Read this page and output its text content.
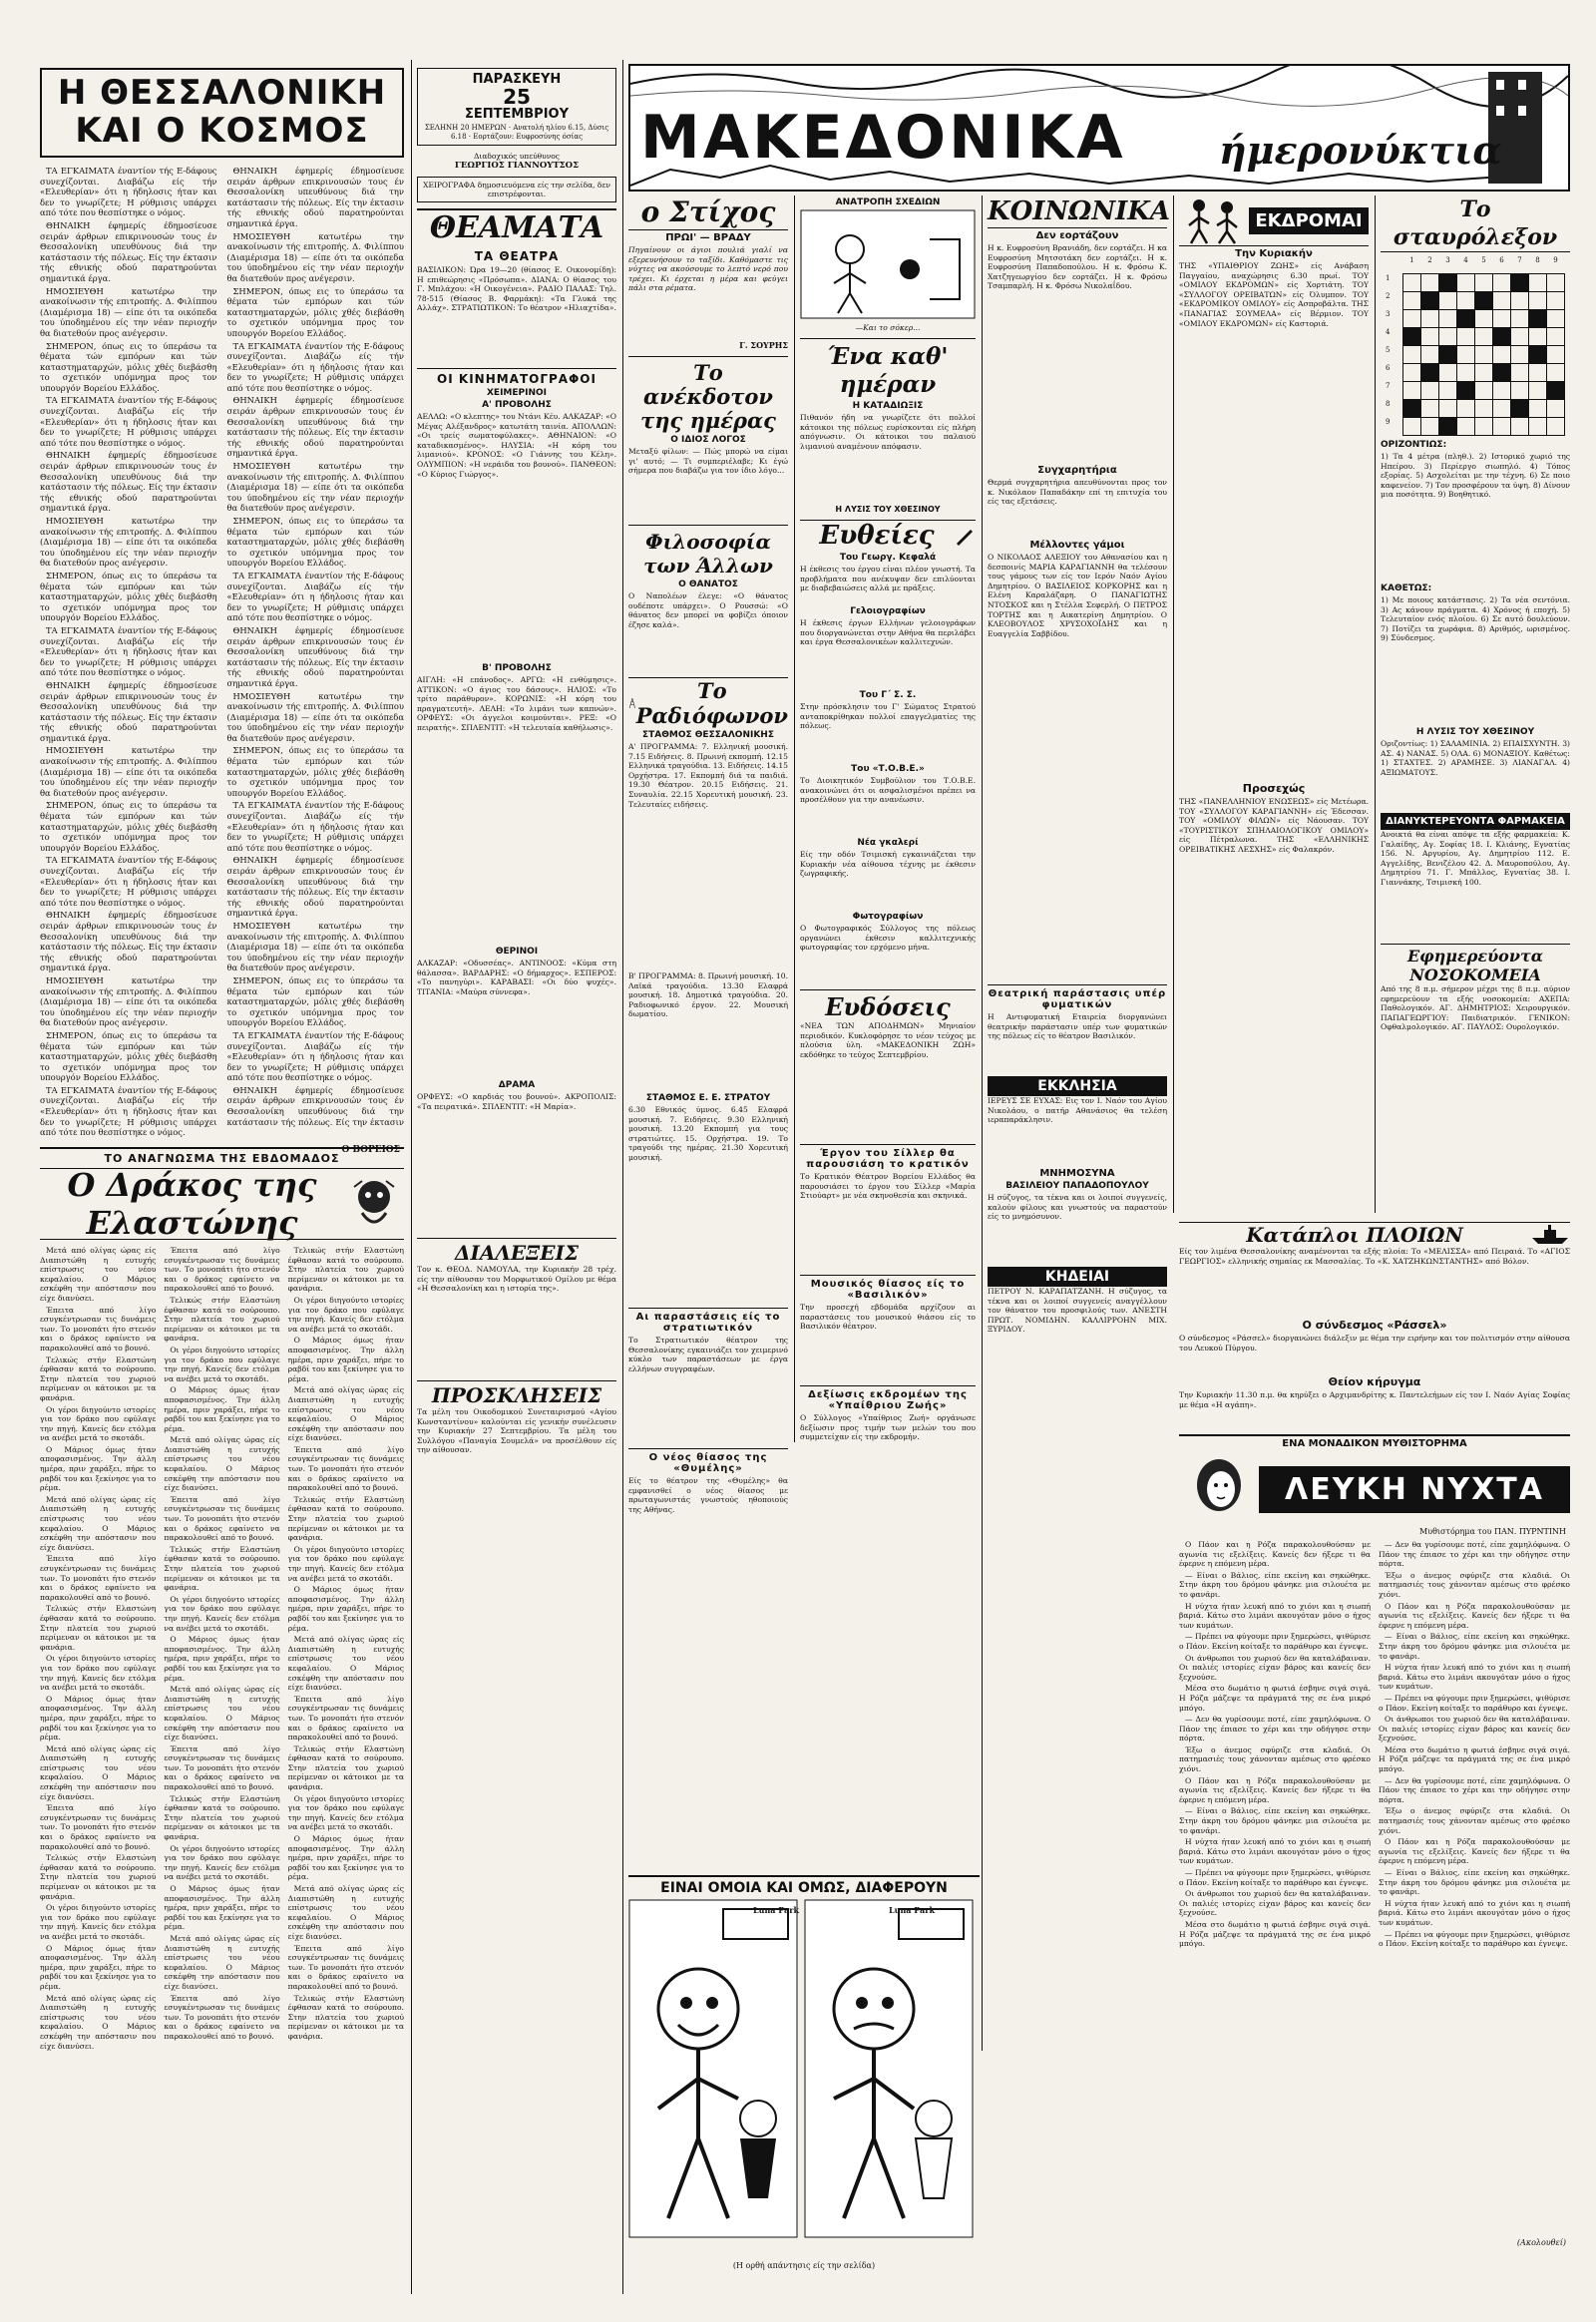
Η ΘΕΣΣΑΛΟΝΙΚΗ
ΚΑΙ Ο ΚΟΣΜΟΣ

ΤΑ ΕΓΚΑΙΜΑΤΑ έναντίον τής Ε-δάφους συνεχίζονται. Διαβάζω είς τήν «Ελευθερίαν» ότι η ήδηλοσις ήταν και δεν το γνωρίζετε; Η ρύθμισις υπάρχει από τότε που θεσπίστηκε ο νόμος.

ΘΗΝΑΙΚΗ έφημερίς έδημοσίευσε σειράν άρθρων επικρινουσών τους έν Θεσσαλονίκη υπευθύνους διά την κατάστασιν τής πόλεως. Είς την έκτασιν τής εθνικής οδού παρατηρούνται σημαντικά έργα.

ΗΜΟΣΙΕΥΘΗ κατωτέρω την ανακοίνωσιν τής επιτροπής. Δ. Φιλίππου (Διαμέρισμα 18) — είπε ότι τα οικόπεδα του ύποδημένου είς την νέαν περιοχήν θα διατεθούν προς ανέγερσιν.

ΣΗΜΕΡΟΝ, όπως εις το ύπεράσω τα θέματα τών εμπόρων και τών καταστηματαρχών, μόλις χθές διεβάσθη το σχετικόν υπόμνημα προς τον υπουργόν Βορείου Ελλάδος.

ΤΑ ΕΓΚΑΙΜΑΤΑ έναντίον τής Ε-δάφους συνεχίζονται. Διαβάζω είς τήν «Ελευθερίαν» ότι η ήδηλοσις ήταν και δεν το γνωρίζετε; Η ρύθμισις υπάρχει από τότε που θεσπίστηκε ο νόμος.

ΘΗΝΑΙΚΗ έφημερίς έδημοσίευσε σειράν άρθρων επικρινουσών τους έν Θεσσαλονίκη υπευθύνους διά την κατάστασιν τής πόλεως. Είς την έκτασιν τής εθνικής οδού παρατηρούνται σημαντικά έργα.

ΗΜΟΣΙΕΥΘΗ κατωτέρω την ανακοίνωσιν τής επιτροπής. Δ. Φιλίππου (Διαμέρισμα 18) — είπε ότι τα οικόπεδα του ύποδημένου είς την νέαν περιοχήν θα διατεθούν προς ανέγερσιν.

ΣΗΜΕΡΟΝ, όπως εις το ύπεράσω τα θέματα τών εμπόρων και τών καταστηματαρχών, μόλις χθές διεβάσθη το σχετικόν υπόμνημα προς τον υπουργόν Βορείου Ελλάδος.

ΤΑ ΕΓΚΑΙΜΑΤΑ έναντίον τής Ε-δάφους συνεχίζονται. Διαβάζω είς τήν «Ελευθερίαν» ότι η ήδηλοσις ήταν και δεν το γνωρίζετε; Η ρύθμισις υπάρχει από τότε που θεσπίστηκε ο νόμος.

ΘΗΝΑΙΚΗ έφημερίς έδημοσίευσε σειράν άρθρων επικρινουσών τους έν Θεσσαλονίκη υπευθύνους διά την κατάστασιν τής πόλεως. Είς την έκτασιν τής εθνικής οδού παρατηρούνται σημαντικά έργα.

ΗΜΟΣΙΕΥΘΗ κατωτέρω την ανακοίνωσιν τής επιτροπής. Δ. Φιλίππου (Διαμέρισμα 18) — είπε ότι τα οικόπεδα του ύποδημένου είς την νέαν περιοχήν θα διατεθούν προς ανέγερσιν.

ΣΗΜΕΡΟΝ, όπως εις το ύπεράσω τα θέματα τών εμπόρων και τών καταστηματαρχών, μόλις χθές διεβάσθη το σχετικόν υπόμνημα προς τον υπουργόν Βορείου Ελλάδος.

ΤΑ ΕΓΚΑΙΜΑΤΑ έναντίον τής Ε-δάφους συνεχίζονται. Διαβάζω είς τήν «Ελευθερίαν» ότι η ήδηλοσις ήταν και δεν το γνωρίζετε; Η ρύθμισις υπάρχει από τότε που θεσπίστηκε ο νόμος.

ΘΗΝΑΙΚΗ έφημερίς έδημοσίευσε σειράν άρθρων επικρινουσών τους έν Θεσσαλονίκη υπευθύνους διά την κατάστασιν τής πόλεως. Είς την έκτασιν τής εθνικής οδού παρατηρούνται σημαντικά έργα.

ΗΜΟΣΙΕΥΘΗ κατωτέρω την ανακοίνωσιν τής επιτροπής. Δ. Φιλίππου (Διαμέρισμα 18) — είπε ότι τα οικόπεδα του ύποδημένου είς την νέαν περιοχήν θα διατεθούν προς ανέγερσιν.

ΣΗΜΕΡΟΝ, όπως εις το ύπεράσω τα θέματα τών εμπόρων και τών καταστηματαρχών, μόλις χθές διεβάσθη το σχετικόν υπόμνημα προς τον υπουργόν Βορείου Ελλάδος.

ΤΑ ΕΓΚΑΙΜΑΤΑ έναντίον τής Ε-δάφους συνεχίζονται. Διαβάζω είς τήν «Ελευθερίαν» ότι η ήδηλοσις ήταν και δεν το γνωρίζετε; Η ρύθμισις υπάρχει από τότε που θεσπίστηκε ο νόμος.

ΘΗΝΑΙΚΗ έφημερίς έδημοσίευσε σειράν άρθρων επικρινουσών τους έν Θεσσαλονίκη υπευθύνους διά την κατάστασιν τής πόλεως. Είς την έκτασιν τής εθνικής οδού παρατηρούνται σημαντικά έργα.

ΗΜΟΣΙΕΥΘΗ κατωτέρω την ανακοίνωσιν τής επιτροπής. Δ. Φιλίππου (Διαμέρισμα 18) — είπε ότι τα οικόπεδα του ύποδημένου είς την νέαν περιοχήν θα διατεθούν προς ανέγερσιν.

ΣΗΜΕΡΟΝ, όπως εις το ύπεράσω τα θέματα τών εμπόρων και τών καταστηματαρχών, μόλις χθές διεβάσθη το σχετικόν υπόμνημα προς τον υπουργόν Βορείου Ελλάδος.

ΤΑ ΕΓΚΑΙΜΑΤΑ έναντίον τής Ε-δάφους συνεχίζονται. Διαβάζω είς τήν «Ελευθερίαν» ότι η ήδηλοσις ήταν και δεν το γνωρίζετε; Η ρύθμισις υπάρχει από τότε που θεσπίστηκε ο νόμος.

ΘΗΝΑΙΚΗ έφημερίς έδημοσίευσε σειράν άρθρων επικρινουσών τους έν Θεσσαλονίκη υπευθύνους διά την κατάστασιν τής πόλεως. Είς την έκτασιν τής εθνικής οδού παρατηρούνται σημαντικά έργα.

ΗΜΟΣΙΕΥΘΗ κατωτέρω την ανακοίνωσιν τής επιτροπής. Δ. Φιλίππου (Διαμέρισμα 18) — είπε ότι τα οικόπεδα του ύποδημένου είς την νέαν περιοχήν θα διατεθούν προς ανέγερσιν.

ΣΗΜΕΡΟΝ, όπως εις το ύπεράσω τα θέματα τών εμπόρων και τών καταστηματαρχών, μόλις χθές διεβάσθη το σχετικόν υπόμνημα προς τον υπουργόν Βορείου Ελλάδος.

ΤΑ ΕΓΚΑΙΜΑΤΑ έναντίον τής Ε-δάφους συνεχίζονται. Διαβάζω είς τήν «Ελευθερίαν» ότι η ήδηλοσις ήταν και δεν το γνωρίζετε; Η ρύθμισις υπάρχει από τότε που θεσπίστηκε ο νόμος.

ΘΗΝΑΙΚΗ έφημερίς έδημοσίευσε σειράν άρθρων επικρινουσών τους έν Θεσσαλονίκη υπευθύνους διά την κατάστασιν τής πόλεως. Είς την έκτασιν τής εθνικής οδού παρατηρούνται σημαντικά έργα.

ΗΜΟΣΙΕΥΘΗ κατωτέρω την ανακοίνωσιν τής επιτροπής. Δ. Φιλίππου (Διαμέρισμα 18) — είπε ότι τα οικόπεδα του ύποδημένου είς την νέαν περιοχήν θα διατεθούν προς ανέγερσιν.

ΣΗΜΕΡΟΝ, όπως εις το ύπεράσω τα θέματα τών εμπόρων και τών καταστηματαρχών, μόλις χθές διεβάσθη το σχετικόν υπόμνημα προς τον υπουργόν Βορείου Ελλάδος.

ΤΑ ΕΓΚΑΙΜΑΤΑ έναντίον τής Ε-δάφους συνεχίζονται. Διαβάζω είς τήν «Ελευθερίαν» ότι η ήδηλοσις ήταν και δεν το γνωρίζετε; Η ρύθμισις υπάρχει από τότε που θεσπίστηκε ο νόμος.

ΘΗΝΑΙΚΗ έφημερίς έδημοσίευσε σειράν άρθρων επικρινουσών τους έν Θεσσαλονίκη υπευθύνους διά την κατάστασιν τής πόλεως. Είς την έκτασιν τής εθνικής οδού παρατηρούνται σημαντικά έργα.

ΗΜΟΣΙΕΥΘΗ κατωτέρω την ανακοίνωσιν τής επιτροπής. Δ. Φιλίππου (Διαμέρισμα 18) — είπε ότι τα οικόπεδα του ύποδημένου είς την νέαν περιοχήν θα διατεθούν προς ανέγερσιν.

ΣΗΜΕΡΟΝ, όπως εις το ύπεράσω τα θέματα τών εμπόρων και τών καταστηματαρχών, μόλις χθές διεβάσθη το σχετικόν υπόμνημα προς τον υπουργόν Βορείου Ελλάδος.

ΤΑ ΕΓΚΑΙΜΑΤΑ έναντίον τής Ε-δάφους συνεχίζονται. Διαβάζω είς τήν «Ελευθερίαν» ότι η ήδηλοσις ήταν και δεν το γνωρίζετε; Η ρύθμισις υπάρχει από τότε που θεσπίστηκε ο νόμος.

ΘΗΝΑΙΚΗ έφημερίς έδημοσίευσε σειράν άρθρων επικρινουσών τους έν Θεσσαλονίκη υπευθύνους διά την κατάστασιν τής πόλεως. Είς την έκτασιν

Ο ΒΟΡΕΙΟΣ
ΤΟ ΑΝΑΓΝΩΣΜΑ ΤΗΣ ΕΒΔΟΜΑΔΟΣ
Ο Δράκος της Ελαστώνης

Μετά από ολίγας ώρας είς Διαπιστώθη η ευτυχής επίστρωσις του νέου κεφαλαίου. Ο Μάριος εσκέφθη την απόστασιν που είχε διανύσει.

Έπειτα από λίγο εσυγκέντρωσαν τις δυνάμεις των. Το μονοπάτι ήτο στενόν και ο δράκος εφαίνετο να παρακολουθεί από το βουνό.

Τελικώς στήν Ελαστώνη έφθασαν κατά το σούρουπο. Στην πλατεία του χωριού περίμεναν οι κάτοικοι με τα φανάρια.

Οι γέροι διηγούντο ιστορίες για τον δράκο που εφύλαγε την πηγή. Κανείς δεν ετόλμα να ανέβει μετά το σκοτάδι.

Ο Μάριος όμως ήταν αποφασισμένος. Την άλλη ημέρα, πριν χαράξει, πήρε το ραβδί του και ξεκίνησε για το ρέμα.

Μετά από ολίγας ώρας είς Διαπιστώθη η ευτυχής επίστρωσις του νέου κεφαλαίου. Ο Μάριος εσκέφθη την απόστασιν που είχε διανύσει.

Έπειτα από λίγο εσυγκέντρωσαν τις δυνάμεις των. Το μονοπάτι ήτο στενόν και ο δράκος εφαίνετο να παρακολουθεί από το βουνό.

Τελικώς στήν Ελαστώνη έφθασαν κατά το σούρουπο. Στην πλατεία του χωριού περίμεναν οι κάτοικοι με τα φανάρια.

Οι γέροι διηγούντο ιστορίες για τον δράκο που εφύλαγε την πηγή. Κανείς δεν ετόλμα να ανέβει μετά το σκοτάδι.

Ο Μάριος όμως ήταν αποφασισμένος. Την άλλη ημέρα, πριν χαράξει, πήρε το ραβδί του και ξεκίνησε για το ρέμα.

Μετά από ολίγας ώρας είς Διαπιστώθη η ευτυχής επίστρωσις του νέου κεφαλαίου. Ο Μάριος εσκέφθη την απόστασιν που είχε διανύσει.

Έπειτα από λίγο εσυγκέντρωσαν τις δυνάμεις των. Το μονοπάτι ήτο στενόν και ο δράκος εφαίνετο να παρακολουθεί από το βουνό.

Τελικώς στήν Ελαστώνη έφθασαν κατά το σούρουπο. Στην πλατεία του χωριού περίμεναν οι κάτοικοι με τα φανάρια.

Οι γέροι διηγούντο ιστορίες για τον δράκο που εφύλαγε την πηγή. Κανείς δεν ετόλμα να ανέβει μετά το σκοτάδι.

Ο Μάριος όμως ήταν αποφασισμένος. Την άλλη ημέρα, πριν χαράξει, πήρε το ραβδί του και ξεκίνησε για το ρέμα.

Μετά από ολίγας ώρας είς Διαπιστώθη η ευτυχής επίστρωσις του νέου κεφαλαίου. Ο Μάριος εσκέφθη την απόστασιν που είχε διανύσει.

Έπειτα από λίγο εσυγκέντρωσαν τις δυνάμεις των. Το μονοπάτι ήτο στενόν και ο δράκος εφαίνετο να παρακολουθεί από το βουνό.

Τελικώς στήν Ελαστώνη έφθασαν κατά το σούρουπο. Στην πλατεία του χωριού περίμεναν οι κάτοικοι με τα φανάρια.

Οι γέροι διηγούντο ιστορίες για τον δράκο που εφύλαγε την πηγή. Κανείς δεν ετόλμα να ανέβει μετά το σκοτάδι.

Ο Μάριος όμως ήταν αποφασισμένος. Την άλλη ημέρα, πριν χαράξει, πήρε το ραβδί του και ξεκίνησε για το ρέμα.

Μετά από ολίγας ώρας είς Διαπιστώθη η ευτυχής επίστρωσις του νέου κεφαλαίου. Ο Μάριος εσκέφθη την απόστασιν που είχε διανύσει.

Έπειτα από λίγο εσυγκέντρωσαν τις δυνάμεις των. Το μονοπάτι ήτο στενόν και ο δράκος εφαίνετο να παρακολουθεί από το βουνό.

Τελικώς στήν Ελαστώνη έφθασαν κατά το σούρουπο. Στην πλατεία του χωριού περίμεναν οι κάτοικοι με τα φανάρια.

Οι γέροι διηγούντο ιστορίες για τον δράκο που εφύλαγε την πηγή. Κανείς δεν ετόλμα να ανέβει μετά το σκοτάδι.

Ο Μάριος όμως ήταν αποφασισμένος. Την άλλη ημέρα, πριν χαράξει, πήρε το ραβδί του και ξεκίνησε για το ρέμα.

Μετά από ολίγας ώρας είς Διαπιστώθη η ευτυχής επίστρωσις του νέου κεφαλαίου. Ο Μάριος εσκέφθη την απόστασιν που είχε διανύσει.

Έπειτα από λίγο εσυγκέντρωσαν τις δυνάμεις των. Το μονοπάτι ήτο στενόν και ο δράκος εφαίνετο να παρακολουθεί από το βουνό.

Τελικώς στήν Ελαστώνη έφθασαν κατά το σούρουπο. Στην πλατεία του χωριού περίμεναν οι κάτοικοι με τα φανάρια.

Οι γέροι διηγούντο ιστορίες για τον δράκο που εφύλαγε την πηγή. Κανείς δεν ετόλμα να ανέβει μετά το σκοτάδι.

Ο Μάριος όμως ήταν αποφασισμένος. Την άλλη ημέρα, πριν χαράξει, πήρε το ραβδί του και ξεκίνησε για το ρέμα.

Μετά από ολίγας ώρας είς Διαπιστώθη η ευτυχής επίστρωσις του νέου κεφαλαίου. Ο Μάριος εσκέφθη την απόστασιν που είχε διανύσει.

Έπειτα από λίγο εσυγκέντρωσαν τις δυνάμεις των. Το μονοπάτι ήτο στενόν και ο δράκος εφαίνετο να παρακολουθεί από το βουνό.

Τελικώς στήν Ελαστώνη έφθασαν κατά το σούρουπο. Στην πλατεία του χωριού περίμεναν οι κάτοικοι με τα φανάρια.

Οι γέροι διηγούντο ιστορίες για τον δράκο που εφύλαγε την πηγή. Κανείς δεν ετόλμα να ανέβει μετά το σκοτάδι.

Ο Μάριος όμως ήταν αποφασισμένος. Την άλλη ημέρα, πριν χαράξει, πήρε το ραβδί του και ξεκίνησε για το ρέμα.

Μετά από ολίγας ώρας είς Διαπιστώθη η ευτυχής επίστρωσις του νέου κεφαλαίου. Ο Μάριος εσκέφθη την απόστασιν που είχε διανύσει.

Έπειτα από λίγο εσυγκέντρωσαν τις δυνάμεις των. Το μονοπάτι ήτο στενόν και ο δράκος εφαίνετο να παρακολουθεί από το βουνό.

Τελικώς στήν Ελαστώνη έφθασαν κατά το σούρουπο. Στην πλατεία του χωριού περίμεναν οι κάτοικοι με τα φανάρια.

Οι γέροι διηγούντο ιστορίες για τον δράκο που εφύλαγε την πηγή. Κανείς δεν ετόλμα να ανέβει μετά το σκοτάδι.

Ο Μάριος όμως ήταν αποφασισμένος. Την άλλη ημέρα, πριν χαράξει, πήρε το ραβδί του και ξεκίνησε για το ρέμα.

Μετά από ολίγας ώρας είς Διαπιστώθη η ευτυχής επίστρωσις του νέου κεφαλαίου. Ο Μάριος εσκέφθη την απόστασιν που είχε διανύσει.

Έπειτα από λίγο εσυγκέντρωσαν τις δυνάμεις των. Το μονοπάτι ήτο στενόν και ο δράκος εφαίνετο να παρακολουθεί από το βουνό.

Τελικώς στήν Ελαστώνη έφθασαν κατά το σούρουπο. Στην πλατεία του χωριού περίμεναν οι κάτοικοι με τα φανάρια.

Οι γέροι διηγούντο ιστορίες για τον δράκο που εφύλαγε την πηγή. Κανείς δεν ετόλμα να ανέβει μετά το σκοτάδι.

Ο Μάριος όμως ήταν αποφασισμένος. Την άλλη ημέρα, πριν χαράξει, πήρε το ραβδί του και ξεκίνησε για το ρέμα.

Μετά από ολίγας ώρας είς Διαπιστώθη η ευτυχής επίστρωσις του νέου κεφαλαίου. Ο Μάριος εσκέφθη την απόστασιν που είχε διανύσει.

Έπειτα από λίγο εσυγκέντρωσαν τις δυνάμεις των. Το μονοπάτι ήτο στενόν και ο δράκος εφαίνετο να παρακολουθεί από το βουνό.

Τελικώς στήν Ελαστώνη έφθασαν κατά το σούρουπο. Στην πλατεία του χωριού περίμεναν οι κάτοικοι με τα φανάρια.

ΠΑΡΑΣΚΕΥΗ
25
ΣΕΠΤΕΜΒΡΙΟΥ
ΣΕΛΗΝΗ 20 ΗΜΕΡΩΝ · Ανατολή ηλίου 6.15, Δύσις 6.18 · Εορτάζουν: Ευφροσύνης όσίας
Διαδοχικός υπεύθυνος
ΓΕΩΡΓΙΟΣ ΓΙΑΝΝΟΥΤΣΟΣ
ΧΕΙΡΟΓΡΑΦΑ δημοσιευόμενα είς την σελίδα, δεν επιστρέφονται.
ΘΕΑΜΑΤΑ
ΤΑ ΘΕΑΤΡΑ
ΒΑΣΙΛΙΚΟΝ: Ώρα 19—20 (θίασος Ε. Οικονομίδη): Η επιθεώρησις «Πρόσωπα». ΔΙΑΝΑ: Ο θίασος του Γ. Μπλάχου: «Η Οικογένεια». ΡΑΔΙΟ ΠΑΛΑΣ: Τηλ. 78-515 (Θίασος Β. Φαρμάκη): «Τα Γλυκά της Αλλάχ». ΣΤΡΑΤΙΩΤΙΚΟΝ: Το θέατρον «Ηλιαχτίδα».
ΟΙ ΚΙΝΗΜΑΤΟΓΡΑΦΟΙ
ΧΕΙΜΕΡΙΝΟΙ
Α' ΠΡΟΒΟΛΗΣ
ΑΕΛΛΩ: «Ο κλεπτης» του Ντάνι Κέυ. ΑΛΚΑΖΑΡ: «Ο Μέγας Αλέξανδρος» κατωτάτη ταινία. ΑΠΟΛΛΩΝ: «Οι τρείς σωματοφύλακες». ΑΘΗΝΑΙΟΝ: «Ο καταδικασμένος». ΗΛΥΣΙΑ: «Η κόρη του λιμανιού». ΚΡΟΝΟΣ: «Ο Γιάννης του Κέλη». ΟΛΥΜΠΙΟΝ: «Η νεράιδα του βουνού». ΠΑΝΘΕΟΝ: «Ο Κύριος Γιώργος».
Β' ΠΡΟΒΟΛΗΣ
ΑΙΓΛΗ: «Η επάνοδος». ΑΡΓΩ: «Η ενθύμησις». ΑΤΤΙΚΟΝ: «Ο άγιος του δάσους». ΗΛΙΟΣ: «Το τρίτο παράθυρον». ΚΟΡΩΝΙΣ: «Η κόρη του πραγματευτή». ΛΕΛΗ: «Το λιμάνι των καπνών». ΟΡΦΕΥΣ: «Οι άγγελοι κοιμούνται». ΡΕΞ: «Ο πειρατής». ΣΠΛΕΝΤΙΤ: «Η τελευταία καθήλωσις».
ΘΕΡΙΝΟΙ
ΑΛΚΑΖΑΡ: «Οδυσσέας». ΑΝΤΙΝΟΟΣ: «Κύμα στη θάλασσα». ΒΑΡΔΑΡΗΣ: «Ο δήμαρχος». ΕΣΠΕΡΟΣ: «Το πανηγύρι». ΚΑΡΑΒΑΣΙ: «Οι δύο ψυχές». ΤΙΤΑΝΙΑ: «Μαύρα σύννεφα».
ΔΡΑΜΑ
ΟΡΦΕΥΣ: «Ο καρδιάς του βουνού». ΑΚΡΟΠΟΛΙΣ: «Τα πειρατικά». ΣΠΛΕΝΤΙΤ: «Η Μαρία».
ΔΙΑΛΕΞΕΙΣ
Τον κ. ΘΕΟΔ. ΝΑΜΟΥΛΑ, την Κυριακήν 28 τρέχ. είς την αίθουσαν του Μορφωτικού Ομίλου με θέμα «Η Θεσσαλονίκη και η ιστορία της».
ΠΡΟΣΚΛΗΣΕΙΣ
Τα μέλη του Οικοδομικού Συνεταιρισμού «Αγίου Κωνσταντίνου» καλούνται είς γενικήν συνέλευσιν την Κυριακήν 27 Σεπτεμβρίου. Τα μέλη του Συλλόγου «Παναγία Σουμελά» να προσέλθουν είς την αίθουσαν.
ΜΑΚΕΔΟΝΙΚΑ ήμερονύκτια
ο Στίχος
ΠΡΩΙ' — ΒΡΑΔΥ
Πηγαίνουν οι άγιοι πουλιά γιαλί να εξερευνήσουν το ταξίδι. Καθόμαστε τις νύχτες να ακούσουμε το λεπτό νερό που τρέχει. Κι έρχεται η μέρα και φεύγει πάλι στα ρέματα.
Γ. ΣΟΥΡΗΣ
Το ανέκδοτον της ημέρας
Ο ΙΔΙΟΣ ΛΟΓΟΣ
Μεταξύ φίλων: — Πώς μπορώ να είμαι γι' αυτό; — Τι συμπεριέλαβε; Κι έγώ σήμερα που διαβάζω για τον ίδιο λόγο...
Φιλοσοφία των Άλλων
Ο ΘΑΝΑΤΟΣ
Ο Ναπολέων έλεγε: «Ο θάνατος ουδέποτε υπάρχει». Ο Ρουσσώ: «Ο θάνατος δεν μπορεί να φοβίζει όποιον έζησε καλά».
Το Ραδιόφωνον
ΣΤΑΘΜΟΣ ΘΕΣΣΑΛΟΝΙΚΗΣ
Α' ΠΡΟΓΡΑΜΜΑ: 7. Ελληνική μουσική. 7.15 Ειδήσεις. 8. Πρωινή εκπομπή. 12.15 Ελληνικά τραγούδια. 13. Ειδήσεις. 14.15 Ορχήστρα. 17. Εκπομπή διά τα παιδιά. 19.30 Θέατρον. 20.15 Ειδήσεις. 21. Συναυλία. 22.15 Χορευτική μουσική. 23. Τελευταίες ειδήσεις.
Β' ΠΡΟΓΡΑΜΜΑ: 8. Πρωινή μουσική. 10. Λαϊκά τραγούδια. 13.30 Ελαφρά μουσική. 18. Δημοτικά τραγούδια. 20. Ραδιοφωνικό έργον. 22. Μουσική δωματίου.
ΣΤΑΘΜΟΣ Ε. Ε. ΣΤΡΑΤΟΥ
6.30 Εθνικός ύμνος. 6.45 Ελαφρά μουσική. 7. Ειδήσεις. 9.30 Ελληνική μουσική. 13.20 Εκπομπή για τους στρατιώτες. 15. Ορχήστρα. 19. Το τραγούδι της ημέρας. 21.30 Χορευτική μουσική.
Αι παραστάσεις είς το στρατιωτικόν
Το Στρατιωτικόν θέατρον της Θεσσαλονίκης εγκαινιάζει τον χειμερινό κύκλο των παραστάσεων με έργα ελλήνων συγγραφέων.
Ο νέος θίασος της «Θυμέλης»
Είς το θέατρον της «Θυμέλης» θα εμφανισθεί ο νέος θίασος με πρωταγωνιστάς γνωστούς ηθοποιούς της Αθήνας.
ΑΝΑΤΡΟΠΗ ΣΧΕΔΙΩΝ
—Και το σόκερ...
Ένα καθ' ημέραν
Η ΚΑΤΑΔΙΩΞΙΣ
Πιθανόν ήδη να γνωρίζετε ότι πολλοί κάτοικοι της πόλεως ευρίσκονται είς πλήρη απόγνωσιν. Οι κάτοικοι του παλαιού λιμανιού αναμένουν απόφασιν.
Η ΛΥΣΙΣ ΤΟΥ ΧΘΕΣΙΝΟΥ
Ευθείες
Του Γεωργ. Κεφαλά
Η έκθεσις του έργου είναι πλέον γνωστή. Τα προβλήματα που ανέκυψαν δεν επιλύονται με διαβεβαιώσεις αλλά με πράξεις.
Γελοιογραφίων
Η έκθεσις έργων Ελλήνων γελοιογράφων που διοργανώνεται στην Αθήνα θα περιλάβει και έργα Θεσσαλονικέων καλλιτεχνών.
Του Γ΄ Σ. Σ.
Στην πρόσκλησιν του Γ' Σώματος Στρατού ανταποκρίθηκαν πολλοί επαγγελματίες της πόλεως.
Του «Τ.Ο.Β.Ε.»
Το Διοικητικόν Συμβούλιον του Τ.Ο.Β.Ε. ανακοινώνει ότι οι ασφαλισμένοι πρέπει να προσέλθουν για την ανανέωσιν.
Νέα γκαλερί
Είς την οδόν Τσιμισκή εγκαινιάζεται την Κυριακήν νέα αίθουσα τέχνης με έκθεσιν ζωγραφικής.
Φωτογραφίων
Ο Φωτογραφικός Σύλλογος της πόλεως οργανώνει έκθεσιν καλλιτεχνικής φωτογραφίας τον ερχόμενο μήνα.
Ευδόσεις
«ΝΕΑ ΤΩΝ ΑΠΟΔΗΜΩΝ» Μηνιαίον περιοδικόν. Κυκλοφόρησε το νέον τεύχος με πλούσια ύλη. «ΜΑΚΕΔΟΝΙΚΗ ΖΩΗ» εκδόθηκε το τεύχος Σεπτεμβρίου.
Έργον του Σίλλερ θα παρουσιάση το κρατικόν
Το Κρατικόν Θέατρον Βορείου Ελλάδος θα παρουσιάσει το έργον του Σίλλερ «Μαρία Στιούαρτ» με νέα σκηνοθεσία και σκηνικά.
Μουσικός θίασος είς το «Βασιλικόν»
Την προσεχή εβδομάδα αρχίζουν αι παραστάσεις του μουσικού θιάσου είς το Βασιλικόν θέατρον.
Δεξίωσις εκδρομέων της «Υπαίθριου Ζωής»
Ο Σύλλογος «Υπαίθριος Ζωή» οργάνωσε δεξίωσιν προς τιμήν των μελών του που συμμετείχαν είς την εκδρομήν.
ΕΙΝΑΙ ΟΜΟΙΑ ΚΑΙ ΟΜΩΣ, ΔΙΑΦΕΡΟΥΝ
Luna Park	Luna Park
(Η ορθή απάντησις είς την σελίδα)
ΚΟΙΝΩΝΙΚΑ
Δεν εορτάζουν
Η κ. Ευφροσύνη Βρανιάδη, δεν εορτάζει. Η κα Ευφροσύνη Μητσοτάκη δεν εορτάζει. Η κ. Ευφροσύνη Παπαδοπούλου. Η κ. Φρόσω Κ. Χατζηγεωργίου δεν εορτάζει. Η κ. Φρόσω Τσαμπαρλή. Η κ. Φρόσω Νικολαΐδου.
Συγχαρητήρια
Θερμά συγχαρητήρια απευθύνονται προς τον κ. Νικόλαον Παπαδάκην επί τη επιτυχία του είς τας εξετάσεις.
Μέλλοντες γάμοι
Ο ΝΙΚΟΛΑΟΣ ΑΛΕΞΙΟΥ του Αθανασίου και η δεσποινίς ΜΑΡΙΑ ΚΑΡΑΓΙΑΝΝΗ θα τελέσουν τους γάμους των είς τον Ιερόν Ναόν Αγίου Δημητρίου. Ο ΒΑΣΙΛΕΙΟΣ ΚΟΡΚΟΡΗΣ και η Ελένη Καραλάζαρη. Ο ΠΑΝΑΓΙΩΤΗΣ ΝΤΟΣΚΟΣ και η Στέλλα Σεφερλή. Ο ΠΕΤΡΟΣ ΤΟΡΤΗΣ και η Αικατερίνη Δημητρίου. Ο ΚΛΕΟΒΟΥΛΟΣ ΧΡΥΣΟΧΟΪΔΗΣ και η Ευαγγελία Σαββίδου.
Θεατρική παράστασις υπέρ φυματικών
Η Αντιφυματική Εταιρεία διοργανώνει θεατρικήν παράστασιν υπέρ των φυματικών της πόλεως είς το θέατρον Βασιλικόν.
ΕΚΚΛΗΣΙΑ
ΙΕΡΕΥΣ ΣΕ ΕΥΧΑΣ: Εις τον Ι. Ναόν του Αγίου Νικολάου, ο πατήρ Αθανάσιος θα τελέση ιεραπαράκλησιν.
ΜΝΗΜΟΣΥΝΑ
ΒΑΣΙΛΕΙΟΥ ΠΑΠΑΔΟΠΟΥΛΟΥ
Η σύζυγος, τα τέκνα και οι λοιποί συγγενείς, καλούν φίλους και γνωστούς να παραστούν είς το μνημόσυνον.
ΚΗΔΕΙΑΙ
ΠΕΤΡΟΥ Ν. ΚΑΡΑΠΑΤΖΑΝΗ. Η σύζυγος, τα τέκνα και οι λοιποί συγγενείς αναγγέλλουν τον θάνατον του προσφιλούς των. ΑΝΕΣΤΗ ΠΡΩΤ. ΝΟΜΙΔΗΝ. ΚΑΛΛΙΡΡΟΗΝ ΜΙΧ. ΞΥΡΙΔΟΥ.
ΕΚΔΡΟΜΑΙ
Την Κυριακήν
ΤΗΣ «ΥΠΑΙΘΡΙΟΥ ΖΩΗΣ» είς Ανάβαση Παγγαίου, αναχώρησις 6.30 πρωί. ΤΟΥ «ΟΜΙΛΟΥ ΕΚΔΡΟΜΩΝ» είς Χορτιάτη. ΤΟΥ «ΣΥΛΛΟΓΟΥ ΟΡΕΙΒΑΤΩΝ» είς Όλυμπον. ΤΟΥ «ΕΚΔΡΟΜΙΚΟΥ ΟΜΙΛΟΥ» είς Ασπροβάλτα. ΤΗΣ «ΠΑΝΑΓΙΑΣ ΣΟΥΜΕΛΑ» είς Βέρμιον. ΤΟΥ «ΟΜΙΛΟΥ ΕΚΔΡΟΜΩΝ» είς Καστοριά.
Προσεχώς
ΤΗΣ «ΠΑΝΕΛΛΗΝΙΟΥ ΕΝΩΣΕΩΣ» είς Μετέωρα. ΤΟΥ «ΣΥΛΛΟΓΟΥ ΚΑΡΑΓΙΑΝΝΗ» είς Έδεσσαν. ΤΟΥ «ΟΜΙΛΟΥ ΦΙΛΩΝ» είς Νάουσαν. ΤΟΥ «ΤΟΥΡΙΣΤΙΚΟΥ ΣΠΗΛΑΙΟΛΟΓΙΚΟΥ ΟΜΙΛΟΥ» είς Πέτραλωνα. ΤΗΣ «ΕΛΛΗΝΙΚΗΣ ΟΡΕΙΒΑΤΙΚΗΣ ΛΕΣΧΗΣ» είς Φαλακρόν.
Το σταυρόλεξον
	1	2	3	4	5	6	7	8	9
1									
2									
3									
4									
5									
6									
7									
8									
9									
ΟΡΙΖΟΝΤΙΩΣ:
1) Τα 4 μέτρα (πληθ.). 2) Ιστορικό χωριό της Ηπείρου. 3) Περίεργο σιωπηλό. 4) Τόπος εξορίας. 5) Ασχολείται με την τέχνη. 6) Σε ποιο καφενείον. 7) Τον προσφέρουν τα ύψη. 8) Δίνουν μια ποσότητα. 9) Βοηθητικό.
ΚΑΘΕΤΩΣ:
1) Με ποιους κατάστασις. 2) Τα νέα σεντόνια. 3) Ας κάνουν πράγματα. 4) Χρόνος ή εποχή. 5) Τελευταίον ενός πλοίου. 6) Σε αυτό δουλεύουν. 7) Ποτίζει τα χωράφια. 8) Αριθμός, ωρισμένος. 9) Σύνδεσμος.
Η ΛΥΣΙΣ ΤΟΥ ΧΘΕΣΙΝΟΥ
Οριζοντίως: 1) ΣΑΛΑΜΙΝΙΑ. 2) ΕΠΑΙΣΧΥΝΤΗ. 3) ΑΣ. 4) ΝΑΝΑΣ. 5) ΟΛΑ. 6) ΜΟΝΑΞΙΟΥ. Καθέτως: 1) ΣΤΑΧΤΕΣ. 2) ΑΡΑΜΗΣΕ. 3) ΛΙΑΝΑΓΑΛ. 4) ΑΞΙΩΜΑΤΟΥΣ.
ΔΙΑΝΥΚΤΕΡΕΥΟΝΤΑ ΦΑΡΜΑΚΕΙΑ
Ανοικτά θα είναι απόψε τα εξής φαρμακεία: Κ. Γαλαίδης, Αγ. Σοφίας 18. Ι. Κλιάνης, Εγνατίας 156. Ν. Αργυρίου, Αγ. Δημητρίου 112. Ε. Αγγελίδης, Βενιζέλου 42. Δ. Μαυροπούλου, Αγ. Δημητρίου 71. Γ. Μπάλλος, Εγνατίας 38. Ι. Γιαννάκης, Τσιμισκή 100.
Εφημερεύοντα ΝΟΣΟΚΟΜΕΙΑ
Από της 8 π.μ. σήμερον μέχρι της 8 π.μ. αύριον εφημερεύουν τα εξής νοσοκομεία: ΑΧΕΠΑ: Παθολογικόν. ΑΓ. ΔΗΜΗΤΡΙΟΣ: Χειρουργικόν. ΠΑΠΑΓΕΩΡΓΙΟΥ: Παιδιατρικόν. ΓΕΝΙΚΟΝ: Οφθαλμολογικόν. ΑΓ. ΠΑΥΛΟΣ: Ουρολογικόν.
Κατάπλοι ΠΛΟΙΩΝ
Είς τον λιμένα Θεσσαλονίκης αναμένονται τα εξής πλοία: Το «ΜΕΛΙΣΣΑ» από Πειραιά. Το «ΑΓΙΟΣ ΓΕΩΡΓΙΟΣ» ελληνικής σημαίας εκ Μασσαλίας. Το «Κ. ΧΑΤΖΗΚΩΝΣΤΑΝΤΗΣ» από Βόλον.
Ο σύνδεσμος «Ράσσελ»
Ο σύνδεσμος «Ράσσελ» διοργανώνει διάλεξιν με θέμα την ειρήνην και τον πολιτισμόν στην αίθουσα του Λευκού Πύργου.
Θείον κήρυγμα
Την Κυριακήν 11.30 π.μ. θα κηρύξει ο Αρχιμανδρίτης κ. Παντελεήμων είς τον Ι. Ναόν Αγίας Σοφίας με θέμα «Η αγάπη».
ΕΝΑ ΜΟΝΑΔΙΚΟΝ ΜΥΘΙΣΤΟΡΗΜΑ
ΛΕΥΚΗ ΝΥΧΤΑ
Μυθιστόρημα του ΠΑΝ. ΠΥΡΝΤΙΝΗ

Ο Πάον και η Ρόζα παρακολουθούσαν με αγωνία τις εξελίξεις. Κανείς δεν ήξερε τι θα έφερνε η επόμενη μέρα.

— Είναι ο Βάλιος, είπε εκείνη και σηκώθηκε. Στην άκρη του δρόμου φάνηκε μια σιλουέτα με το φανάρι.

Η νύχτα ήταν λευκή από το χιόνι και η σιωπή βαριά. Κάτω στο λιμάνι ακουγόταν μόνο ο ήχος των κυμάτων.

— Πρέπει να φύγουμε πριν ξημερώσει, ψιθύρισε ο Πάον. Εκείνη κοίταξε το παράθυρο και έγνεψε.

Οι άνθρωποι του χωριού δεν θα καταλάβαιναν. Οι παλιές ιστορίες είχαν βάρος και κανείς δεν ξεχνούσε.

Μέσα στο δωμάτιο η φωτιά έσβηνε σιγά σιγά. Η Ρόζα μάζεψε τα πράγματά της σε ένα μικρό μπόγο.

— Δεν θα γυρίσουμε ποτέ, είπε χαμηλόφωνα. Ο Πάον της έπιασε το χέρι και την οδήγησε στην πόρτα.

Έξω ο άνεμος σφύριζε στα κλαδιά. Οι πατημασιές τους χάνονταν αμέσως στο φρέσκο χιόνι.

Ο Πάον και η Ρόζα παρακολουθούσαν με αγωνία τις εξελίξεις. Κανείς δεν ήξερε τι θα έφερνε η επόμενη μέρα.

— Είναι ο Βάλιος, είπε εκείνη και σηκώθηκε. Στην άκρη του δρόμου φάνηκε μια σιλουέτα με το φανάρι.

Η νύχτα ήταν λευκή από το χιόνι και η σιωπή βαριά. Κάτω στο λιμάνι ακουγόταν μόνο ο ήχος των κυμάτων.

— Πρέπει να φύγουμε πριν ξημερώσει, ψιθύρισε ο Πάον. Εκείνη κοίταξε το παράθυρο και έγνεψε.

Οι άνθρωποι του χωριού δεν θα καταλάβαιναν. Οι παλιές ιστορίες είχαν βάρος και κανείς δεν ξεχνούσε.

Μέσα στο δωμάτιο η φωτιά έσβηνε σιγά σιγά. Η Ρόζα μάζεψε τα πράγματά της σε ένα μικρό μπόγο.

— Δεν θα γυρίσουμε ποτέ, είπε χαμηλόφωνα. Ο Πάον της έπιασε το χέρι και την οδήγησε στην πόρτα.

Έξω ο άνεμος σφύριζε στα κλαδιά. Οι πατημασιές τους χάνονταν αμέσως στο φρέσκο χιόνι.

Ο Πάον και η Ρόζα παρακολουθούσαν με αγωνία τις εξελίξεις. Κανείς δεν ήξερε τι θα έφερνε η επόμενη μέρα.

— Είναι ο Βάλιος, είπε εκείνη και σηκώθηκε. Στην άκρη του δρόμου φάνηκε μια σιλουέτα με το φανάρι.

Η νύχτα ήταν λευκή από το χιόνι και η σιωπή βαριά. Κάτω στο λιμάνι ακουγόταν μόνο ο ήχος των κυμάτων.

— Πρέπει να φύγουμε πριν ξημερώσει, ψιθύρισε ο Πάον. Εκείνη κοίταξε το παράθυρο και έγνεψε.

Οι άνθρωποι του χωριού δεν θα καταλάβαιναν. Οι παλιές ιστορίες είχαν βάρος και κανείς δεν ξεχνούσε.

Μέσα στο δωμάτιο η φωτιά έσβηνε σιγά σιγά. Η Ρόζα μάζεψε τα πράγματά της σε ένα μικρό μπόγο.

— Δεν θα γυρίσουμε ποτέ, είπε χαμηλόφωνα. Ο Πάον της έπιασε το χέρι και την οδήγησε στην πόρτα.

Έξω ο άνεμος σφύριζε στα κλαδιά. Οι πατημασιές τους χάνονταν αμέσως στο φρέσκο χιόνι.

Ο Πάον και η Ρόζα παρακολουθούσαν με αγωνία τις εξελίξεις. Κανείς δεν ήξερε τι θα έφερνε η επόμενη μέρα.

— Είναι ο Βάλιος, είπε εκείνη και σηκώθηκε. Στην άκρη του δρόμου φάνηκε μια σιλουέτα με το φανάρι.

Η νύχτα ήταν λευκή από το χιόνι και η σιωπή βαριά. Κάτω στο λιμάνι ακουγόταν μόνο ο ήχος των κυμάτων.

— Πρέπει να φύγουμε πριν ξημερώσει, ψιθύρισε ο Πάον. Εκείνη κοίταξε το παράθυρο και έγνεψε.

(Ακολουθεί)
